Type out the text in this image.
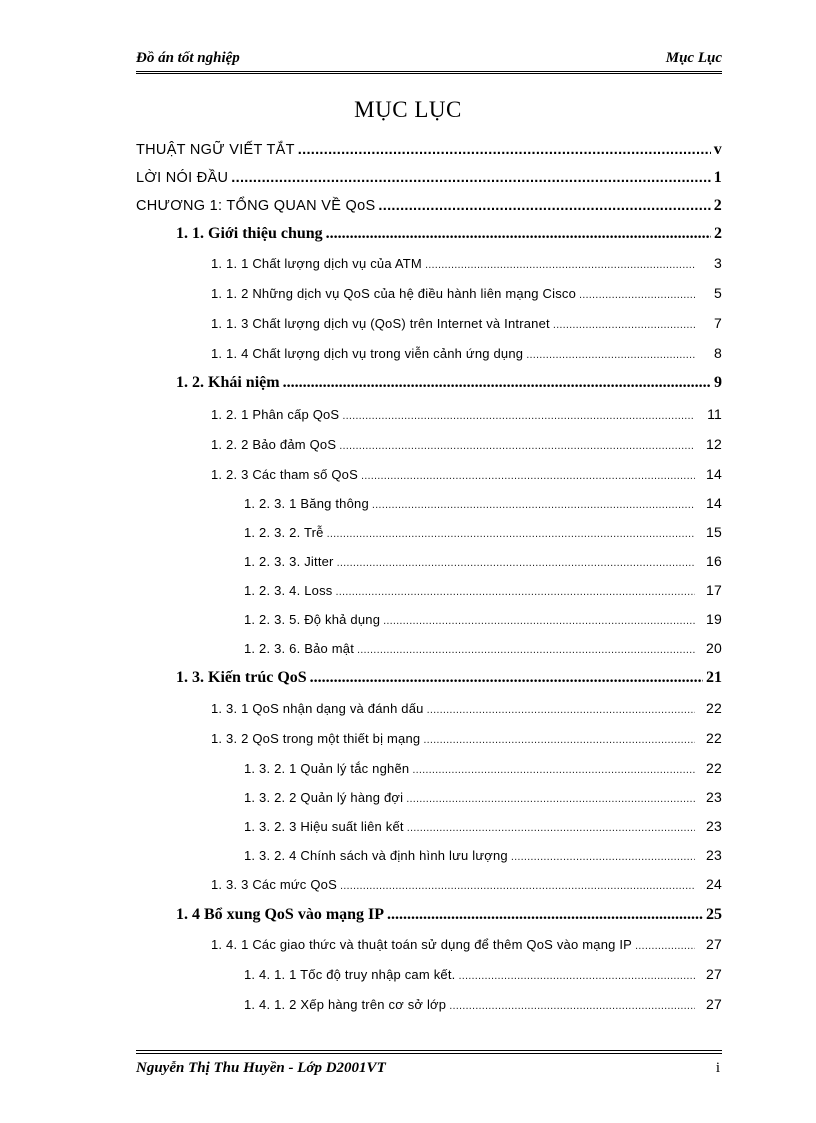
Đồ án tốt nghiệp	Mục Lục
MỤC LỤC
THUẬT NGỮ VIẾT TẮT .....	v
LỜI NÓI ĐẦU .....	1
CHƯƠNG 1: TỔNG QUAN VỀ QoS .....	2
1. 1. Giới thiệu chung .....	2
1. 1. 1 Chất lượng dịch vụ của ATM .....	3
1. 1. 2 Những dịch vụ QoS của hệ điều hành liên mạng Cisco .....	5
1. 1. 3 Chất lượng dịch vụ (QoS) trên Internet và Intranet .....	7
1. 1. 4 Chất lượng dịch vụ trong viễn cảnh ứng dụng .....	8
1. 2. Khái niệm .....	9
1. 2. 1 Phân cấp QoS .....	11
1. 2. 2 Bảo đảm QoS .....	12
1. 2. 3 Các tham số QoS .....	14
1. 2. 3. 1 Băng thông .....	14
1. 2. 3. 2. Trễ .....	15
1. 2. 3. 3. Jitter .....	16
1. 2. 3. 4. Loss .....	17
1. 2. 3. 5. Độ khả dụng .....	19
1. 2. 3. 6. Bảo mật .....	20
1. 3. Kiến trúc QoS .....	21
1. 3. 1 QoS nhận dạng và đánh dấu .....	22
1. 3. 2 QoS trong một thiết bị mạng .....	22
1. 3. 2. 1 Quản lý tắc nghẽn .....	22
1. 3. 2. 2 Quản lý hàng đợi .....	23
1. 3. 2. 3 Hiệu suất liên kết .....	23
1. 3. 2. 4 Chính sách và định hình lưu lượng .....	23
1. 3. 3 Các mức QoS .....	24
1. 4 Bổ xung QoS vào mạng IP .....	25
1. 4. 1 Các giao thức và thuật toán sử dụng để thêm QoS vào mạng IP .....	27
1. 4. 1. 1 Tốc độ truy nhập cam kết. .....	27
1. 4. 1. 2 Xếp hàng trên cơ sở lớp .....	27
Nguyễn Thị Thu Huyền - Lớp D2001VT	i
